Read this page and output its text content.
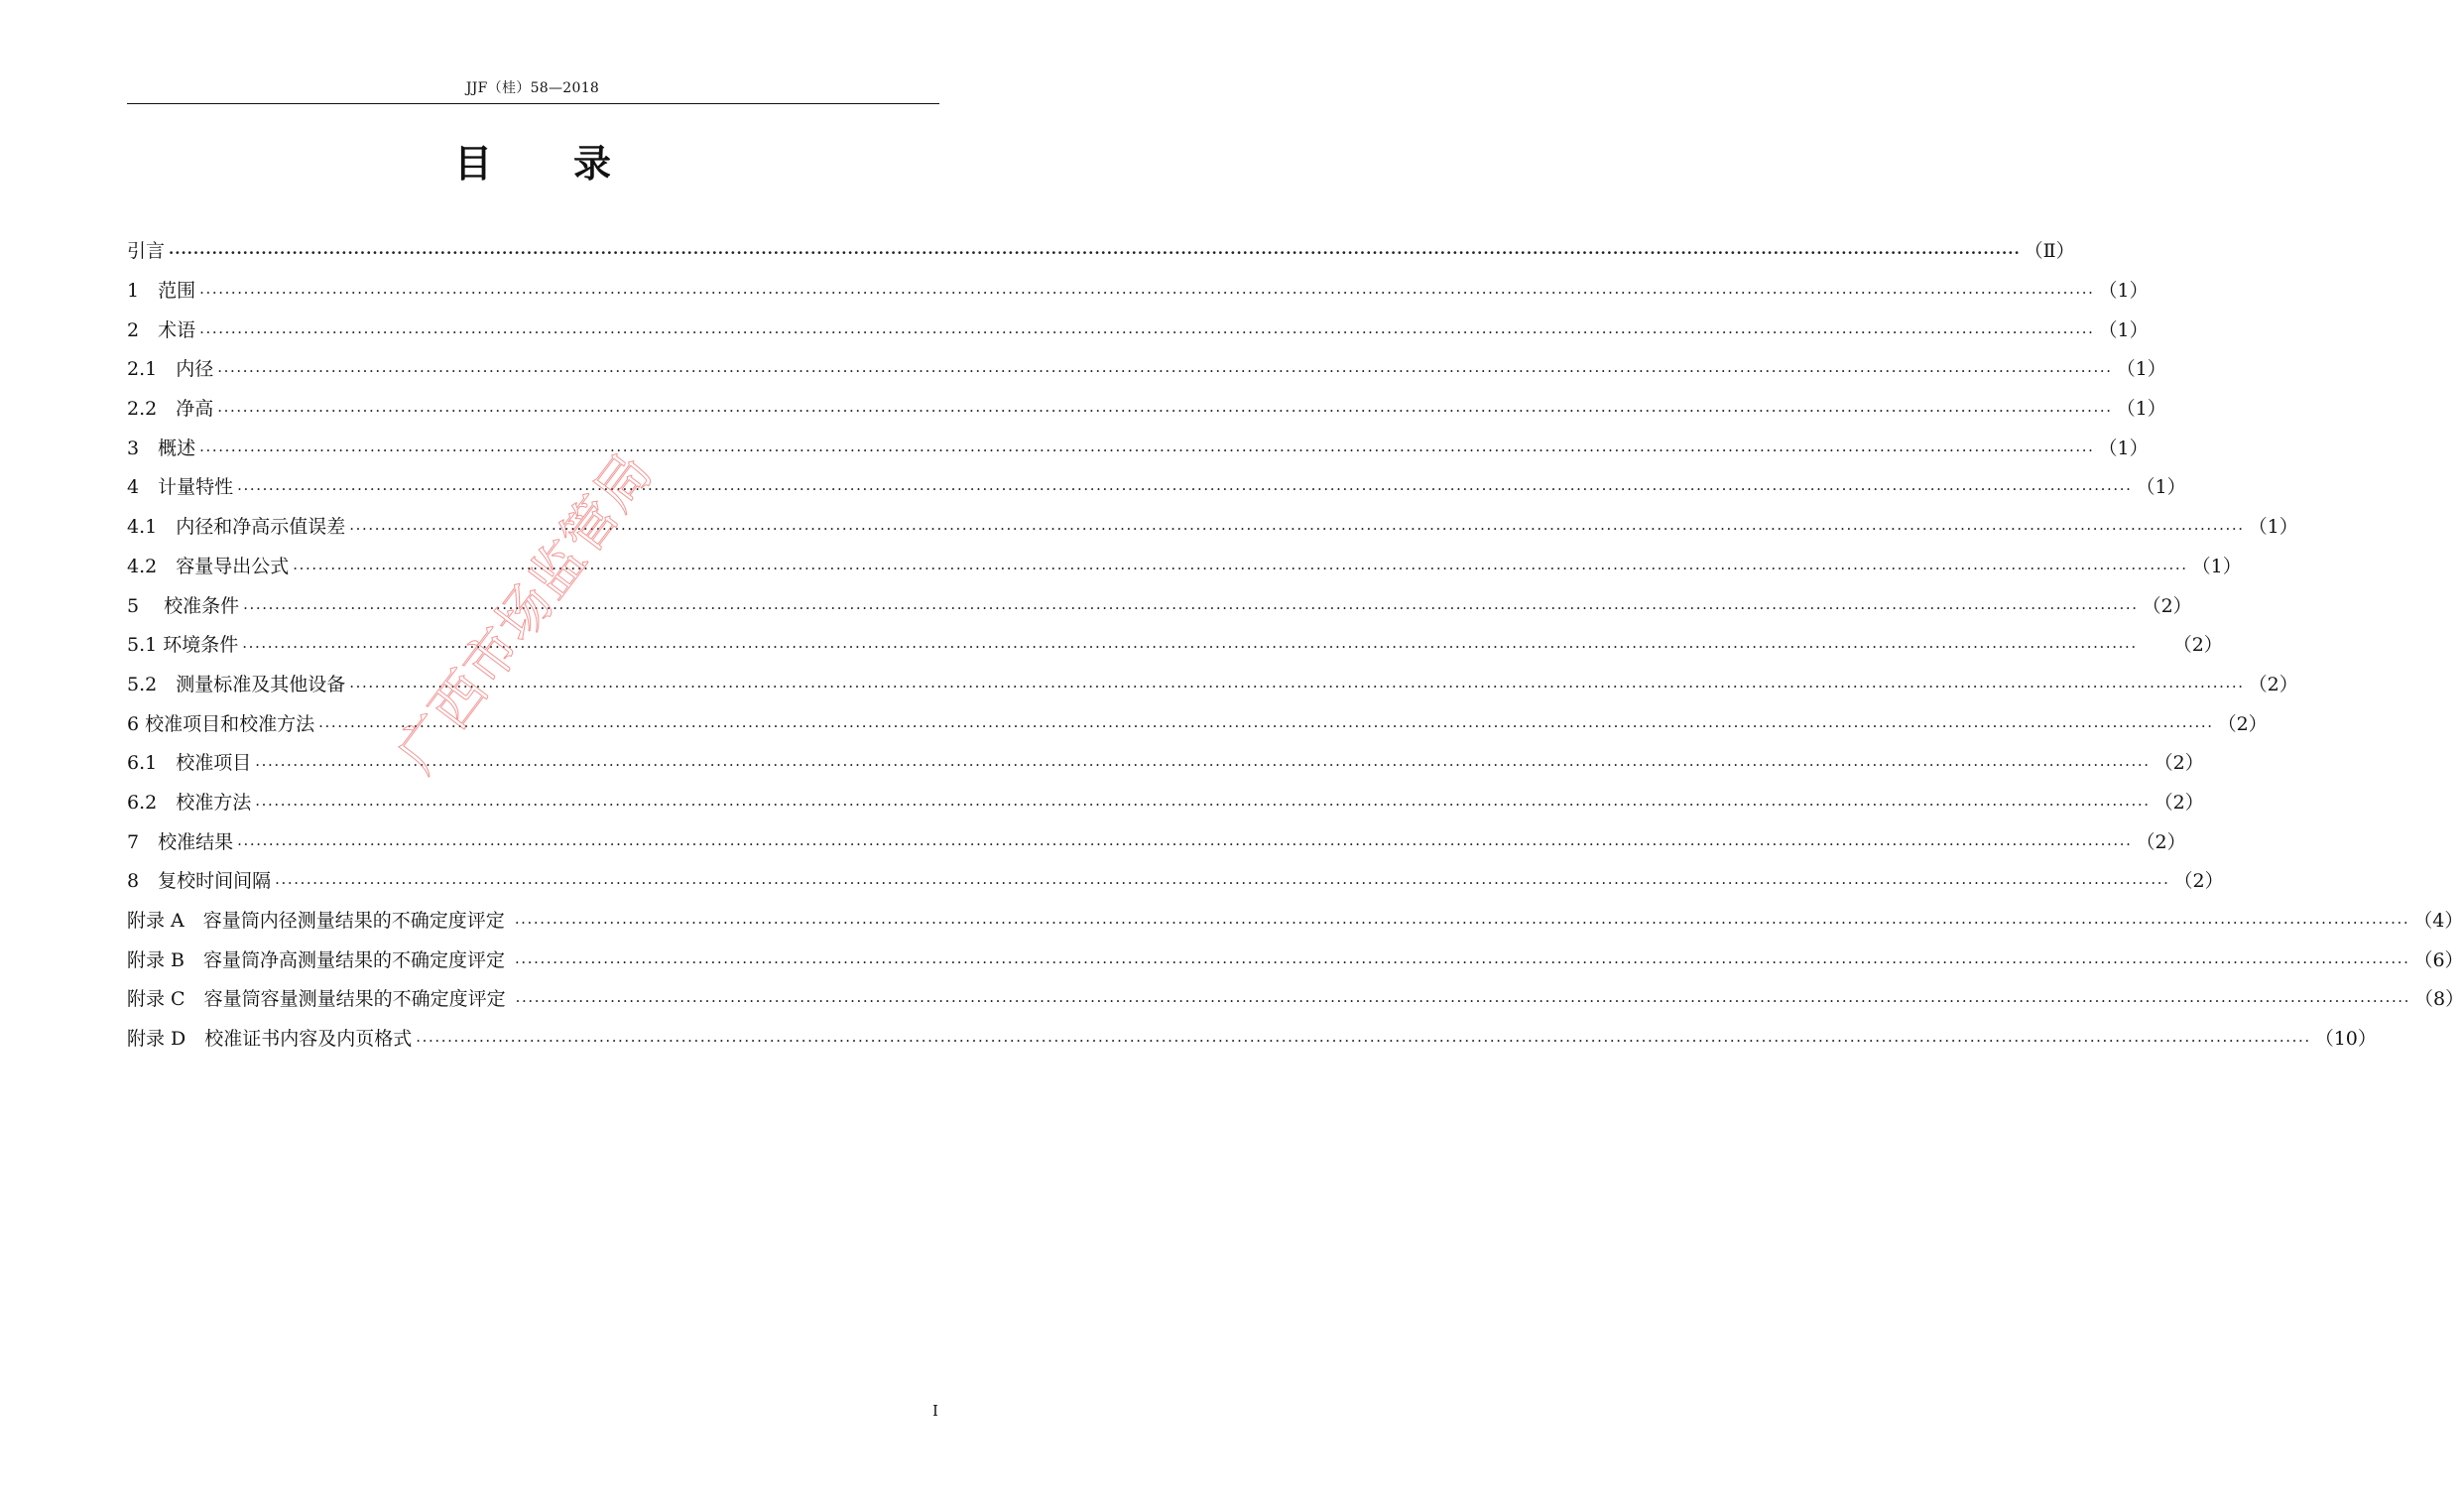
JJF（桂）58—2018
目 录
引言 ············································································································································································································································································································ （Ⅱ）
1　范围 ············································································································································································································································································································ （1）
2　术语 ············································································································································································································································································································ （1）
2.1　内径 ············································································································································································································································································································ （1）
2.2　净高 ············································································································································································································································································································ （1）
3　概述 ············································································································································································································································································································ （1）
4　计量特性 ············································································································································································································································································································ （1）
4.1　内径和净高示值误差 ············································································································································································································································································································ （1）
4.2　容量导出公式 ············································································································································································································································································································ （1）
5　 校准条件 ············································································································································································································································································································ （2）
5.1 环境条件 ············································································································································································································································································································ （2）
5.2　测量标准及其他设备 ············································································································································································································································································································ （2）
6 校准项目和校准方法 ············································································································································································································································································································ （2）
6.1　校准项目 ············································································································································································································································································································ （2）
6.2　校准方法 ············································································································································································································································································································ （2）
7　校准结果 ············································································································································································································································································································ （2）
8　复校时间间隔 ············································································································································································································································································································ （2）
附录 A　容量筒内径测量结果的不确定度评定 ············································································································································································································································································································ （4）
附录 B　容量筒净高测量结果的不确定度评定 ············································································································································································································································································································ （6）
附录 C　容量筒容量测量结果的不确定度评定 ············································································································································································································································································································ （8）
附录 D　校准证书内容及内页格式 ············································································································································································································································································································ （10）
广西市场监管局
I
